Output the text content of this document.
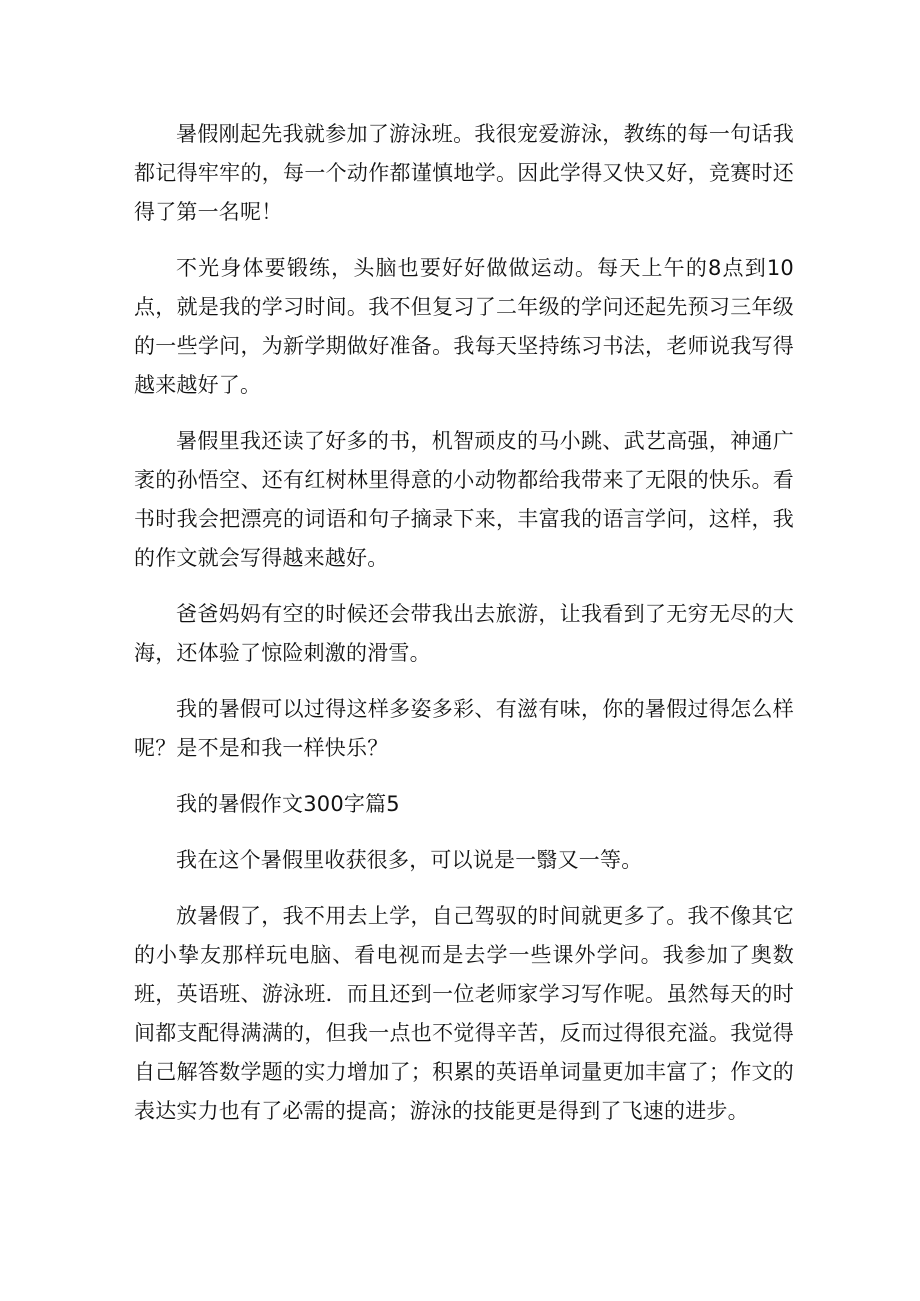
暑假刚起先我就参加了游泳班。我很宠爱游泳，教练的每一句话我都记得牢牢的，每一个动作都谨慎地学。因此学得又快又好，竞赛时还得了第一名呢！

不光身体要锻练，头脑也要好好做做运动。每天上午的8点到10点，就是我的学习时间。我不但复习了二年级的学问还起先预习三年级的一些学问，为新学期做好准备。我每天坚持练习书法，老师说我写得越来越好了。

暑假里我还读了好多的书，机智顽皮的马小跳、武艺高强，神通广袤的孙悟空、还有红树林里得意的小动物都给我带来了无限的快乐。看书时我会把漂亮的词语和句子摘录下来，丰富我的语言学问，这样，我的作文就会写得越来越好。

爸爸妈妈有空的时候还会带我出去旅游，让我看到了无穷无尽的大海，还体验了惊险刺激的滑雪。

我的暑假可以过得这样多姿多彩、有滋有味，你的暑假过得怎么样呢？是不是和我一样快乐？

我的暑假作文300字篇5

我在这个暑假里收获很多，可以说是一翳又一等。

放暑假了，我不用去上学，自己驾驭的时间就更多了。我不像其它的小挚友那样玩电脑、看电视而是去学一些课外学问。我参加了奥数班，英语班、游泳班．而且还到一位老师家学习写作呢。虽然每天的时间都支配得满满的，但我一点也不觉得辛苦，反而过得很充溢。我觉得自己解答数学题的实力增加了；积累的英语单词量更加丰富了；作文的表达实力也有了必需的提高；游泳的技能更是得到了飞速的进步。
